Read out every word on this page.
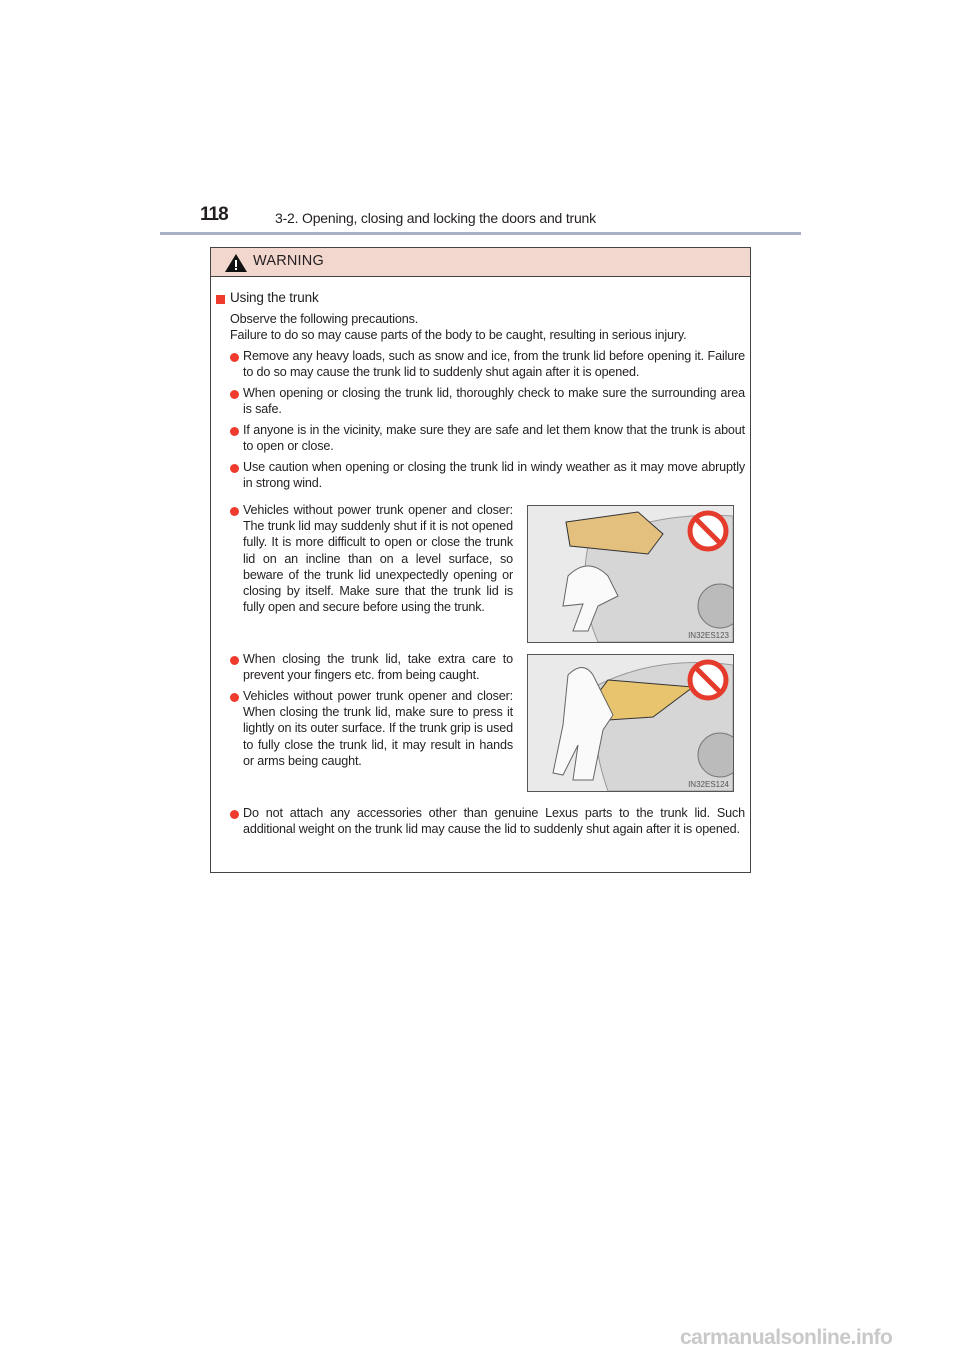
118	3-2. Opening, closing and locking the doors and trunk
WARNING
Using the trunk
Observe the following precautions.
Failure to do so may cause parts of the body to be caught, resulting in serious injury.
Remove any heavy loads, such as snow and ice, from the trunk lid before opening it. Failure to do so may cause the trunk lid to suddenly shut again after it is opened.
When opening or closing the trunk lid, thoroughly check to make sure the surrounding area is safe.
If anyone is in the vicinity, make sure they are safe and let them know that the trunk is about to open or close.
Use caution when opening or closing the trunk lid in windy weather as it may move abruptly in strong wind.
Vehicles without power trunk opener and closer: The trunk lid may suddenly shut if it is not opened fully. It is more difficult to open or close the trunk lid on an incline than on a level surface, so beware of the trunk lid unexpectedly opening or closing by itself. Make sure that the trunk lid is fully open and secure before using the trunk.
IN32ES123
When closing the trunk lid, take extra care to prevent your fingers etc. from being caught.
Vehicles without power trunk opener and closer: When closing the trunk lid, make sure to press it lightly on its outer surface. If the trunk grip is used to fully close the trunk lid, it may result in hands or arms being caught.
IN32ES124
Do not attach any accessories other than genuine Lexus parts to the trunk lid. Such additional weight on the trunk lid may cause the lid to suddenly shut again after it is opened.
carmanualsonline.info
